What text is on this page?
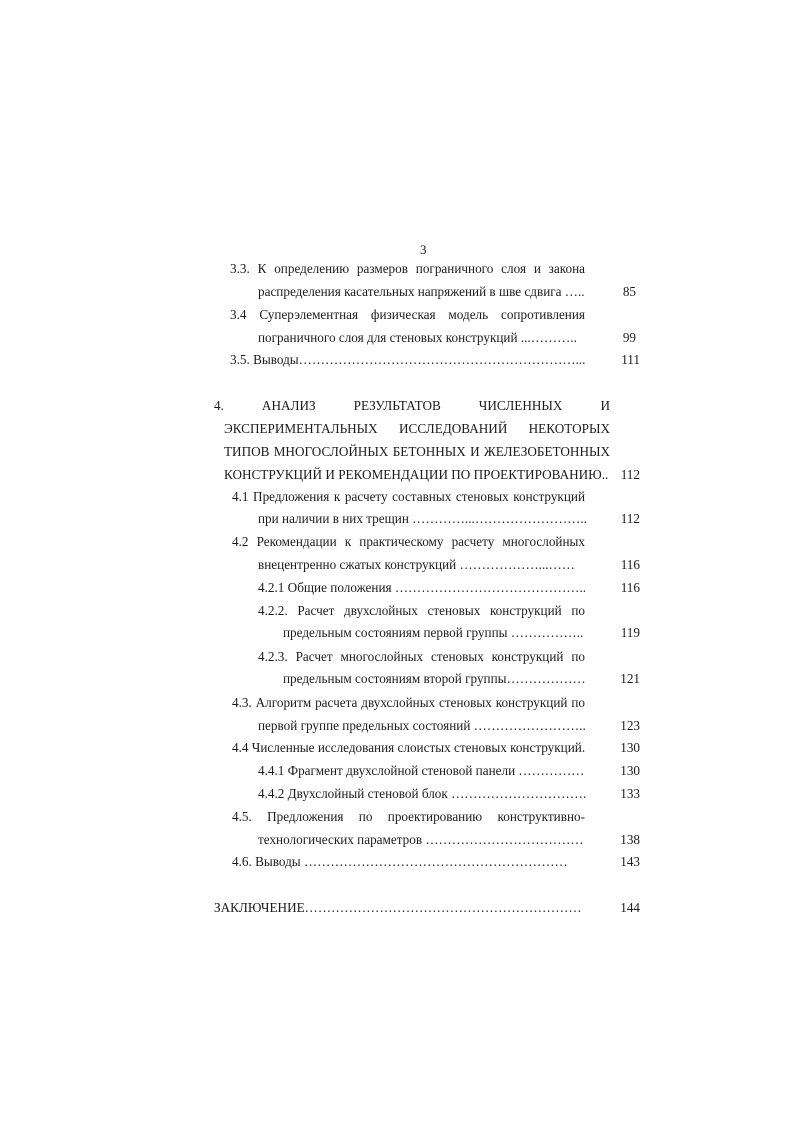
3
3.3. К определению размеров пограничного слоя и закона
распределения касательных напряжений в шве сдвига …..	85
3.4 Суперэлементная физическая модель сопротивления
пограничного слоя для стеновых конструкций ...………..	99
3.5. Выводы………………………………………………………...	111
4. АНАЛИЗ РЕЗУЛЬТАТОВ ЧИСЛЕННЫХ И
ЭКСПЕРИМЕНТАЛЬНЫХ ИССЛЕДОВАНИЙ НЕКОТОРЫХ
ТИПОВ МНОГОСЛОЙНЫХ БЕТОННЫХ И ЖЕЛЕЗОБЕТОННЫХ
КОНСТРУКЦИЙ И РЕКОМЕНДАЦИИ ПО ПРОЕКТИРОВАНИЮ.. 112
4.1 Предложения к расчету составных стеновых конструкций
при наличии в них трещин …………...……………………..	112
4.2 Рекомендации к практическому расчету многослойных
внецентренно сжатых конструкций ………………...……	116
4.2.1 Общие положения ……………………………………..	116
4.2.2. Расчет двухслойных стеновых конструкций по
предельным состояниям первой группы ……………..	119
4.2.3. Расчет многослойных стеновых конструкций по
предельным состояниям второй группы………………	121
4.3. Алгоритм расчета двухслойных стеновых конструкций по
первой группе предельных состояний ……………………..	123
4.4 Численные исследования слоистых стеновых конструкций.	130
4.4.1 Фрагмент двухслойной стеновой панели ……………	130
4.4.2 Двухслойный стеновой блок ………………………….	133
4.5. Предложения по проектированию конструктивно-
технологических параметров ………………………………	138
4.6. Выводы ……………………………………………………	143
ЗАКЛЮЧЕНИЕ………………………………………………………	144
